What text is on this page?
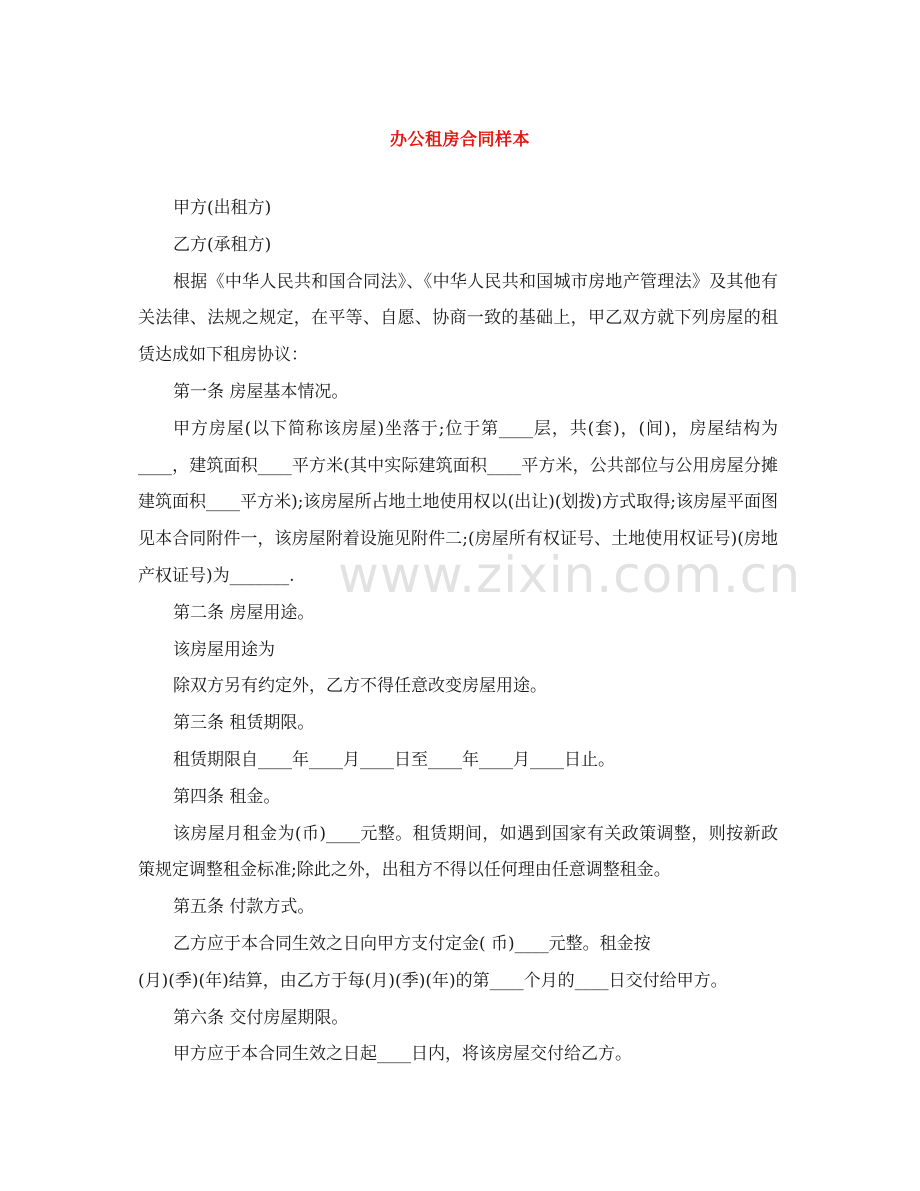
办公租房合同样本

甲方(出租方)

乙方(承租方)

根据《中华人民共和国合同法》、《中华人民共和国城市房地产管理法》及其他有关法律、法规之规定，在平等、自愿、协商一致的基础上，甲乙双方就下列房屋的租赁达成如下租房协议：

第一条 房屋基本情况。

甲方房屋(以下简称该房屋)坐落于;位于第____层，共(套)，(间)，房屋结构为____，建筑面积____平方米(其中实际建筑面积____平方米，公共部位与公用房屋分摊建筑面积____平方米);该房屋所占地土地使用权以(出让)(划拨)方式取得;该房屋平面图见本合同附件一，该房屋附着设施见附件二;(房屋所有权证号、土地使用权证号)(房地产权证号)为_______.

第二条 房屋用途。

该房屋用途为

除双方另有约定外，乙方不得任意改变房屋用途。

第三条 租赁期限。

租赁期限自____年____月____日至____年____月____日止。

第四条 租金。

该房屋月租金为(币)____元整。租赁期间，如遇到国家有关政策调整，则按新政策规定调整租金标准;除此之外，出租方不得以任何理由任意调整租金。

第五条 付款方式。

乙方应于本合同生效之日向甲方支付定金( 币)____元整。租金按

(月)(季)(年)结算，由乙方于每(月)(季)(年)的第____个月的____日交付给甲方。

第六条 交付房屋期限。

甲方应于本合同生效之日起____日内，将该房屋交付给乙方。

www.zixin.com.cn
